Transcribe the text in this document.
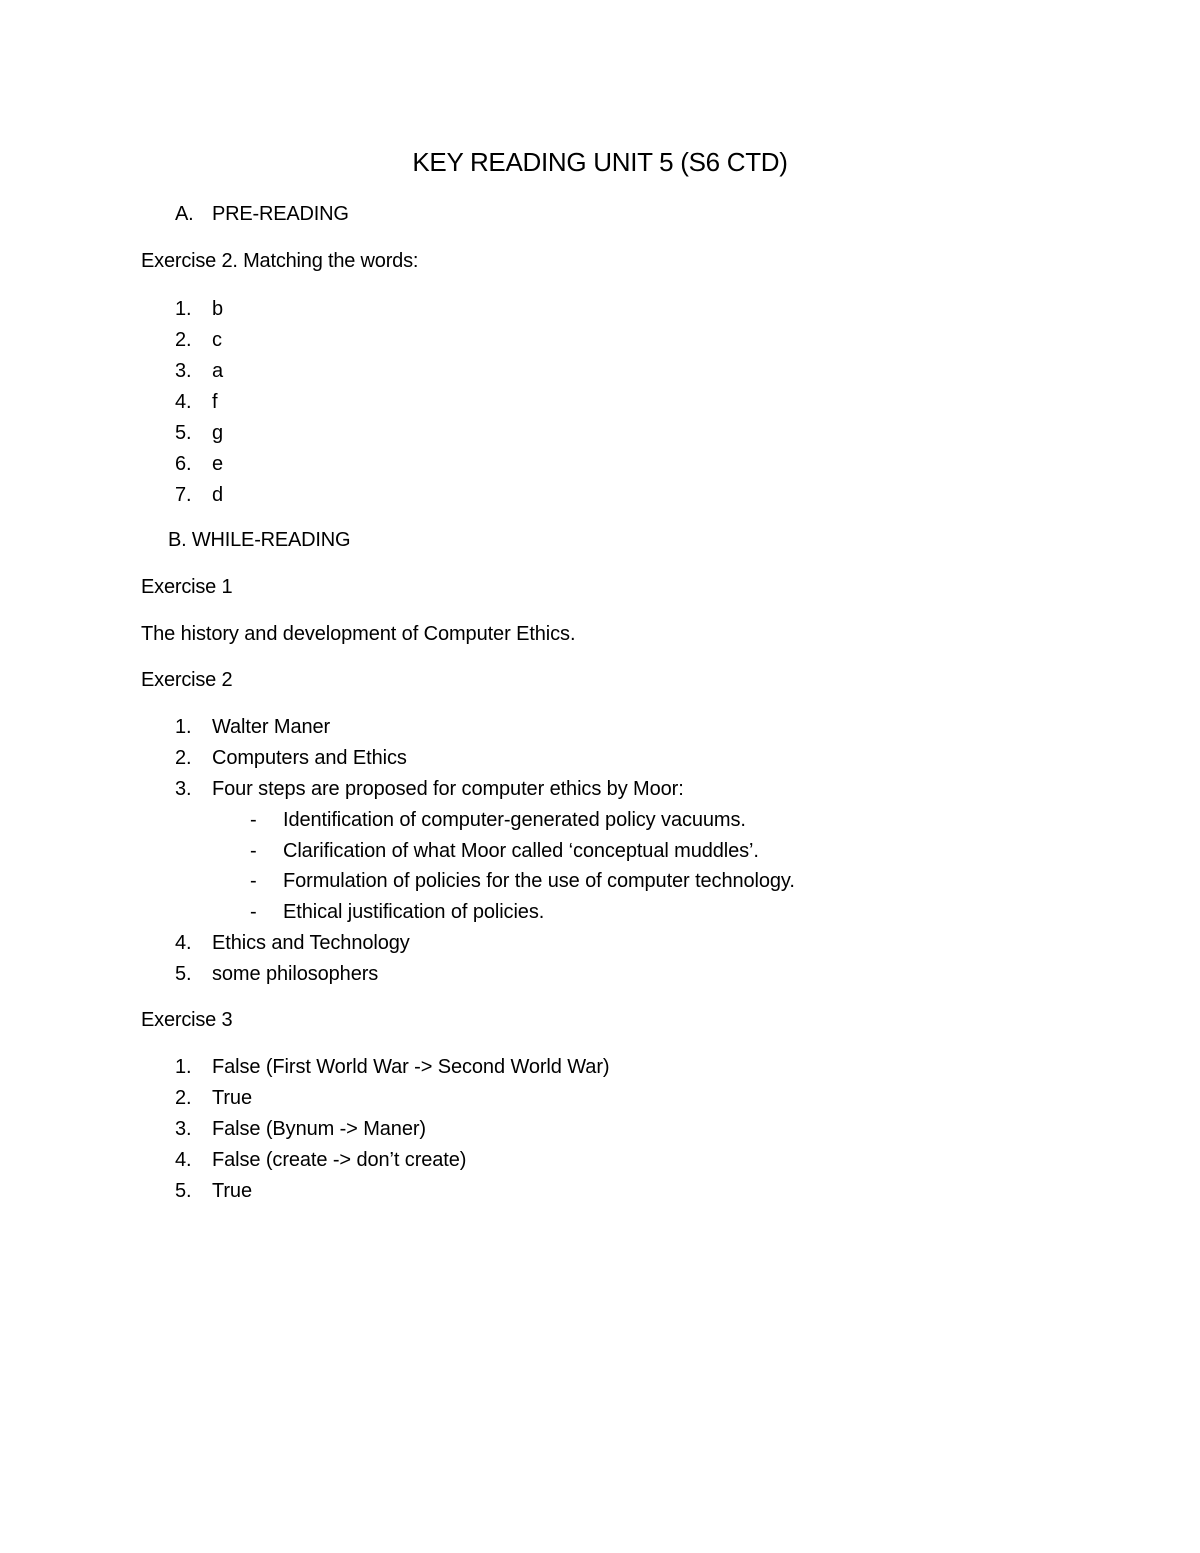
KEY READING UNIT 5 (S6 CTD)
A. PRE-READING
Exercise 2. Matching the words:
1.	b
2.	c
3.	a
4.	f
5.	g
6.	e
7.	d
B. WHILE-READING
Exercise 1
The history and development of Computer Ethics.
Exercise 2
1.	Walter Maner
2.	Computers and Ethics
3.	Four steps are proposed for computer ethics by Moor:
- Identification of computer-generated policy vacuums.
- Clarification of what Moor called ‘conceptual muddles’.
- Formulation of policies for the use of computer technology.
- Ethical justification of policies.
4.	Ethics and Technology
5.	some philosophers
Exercise 3
1.	False (First World War -> Second World War)
2.	True
3.	False (Bynum -> Maner)
4.	False (create -> don’t create)
5.	True
